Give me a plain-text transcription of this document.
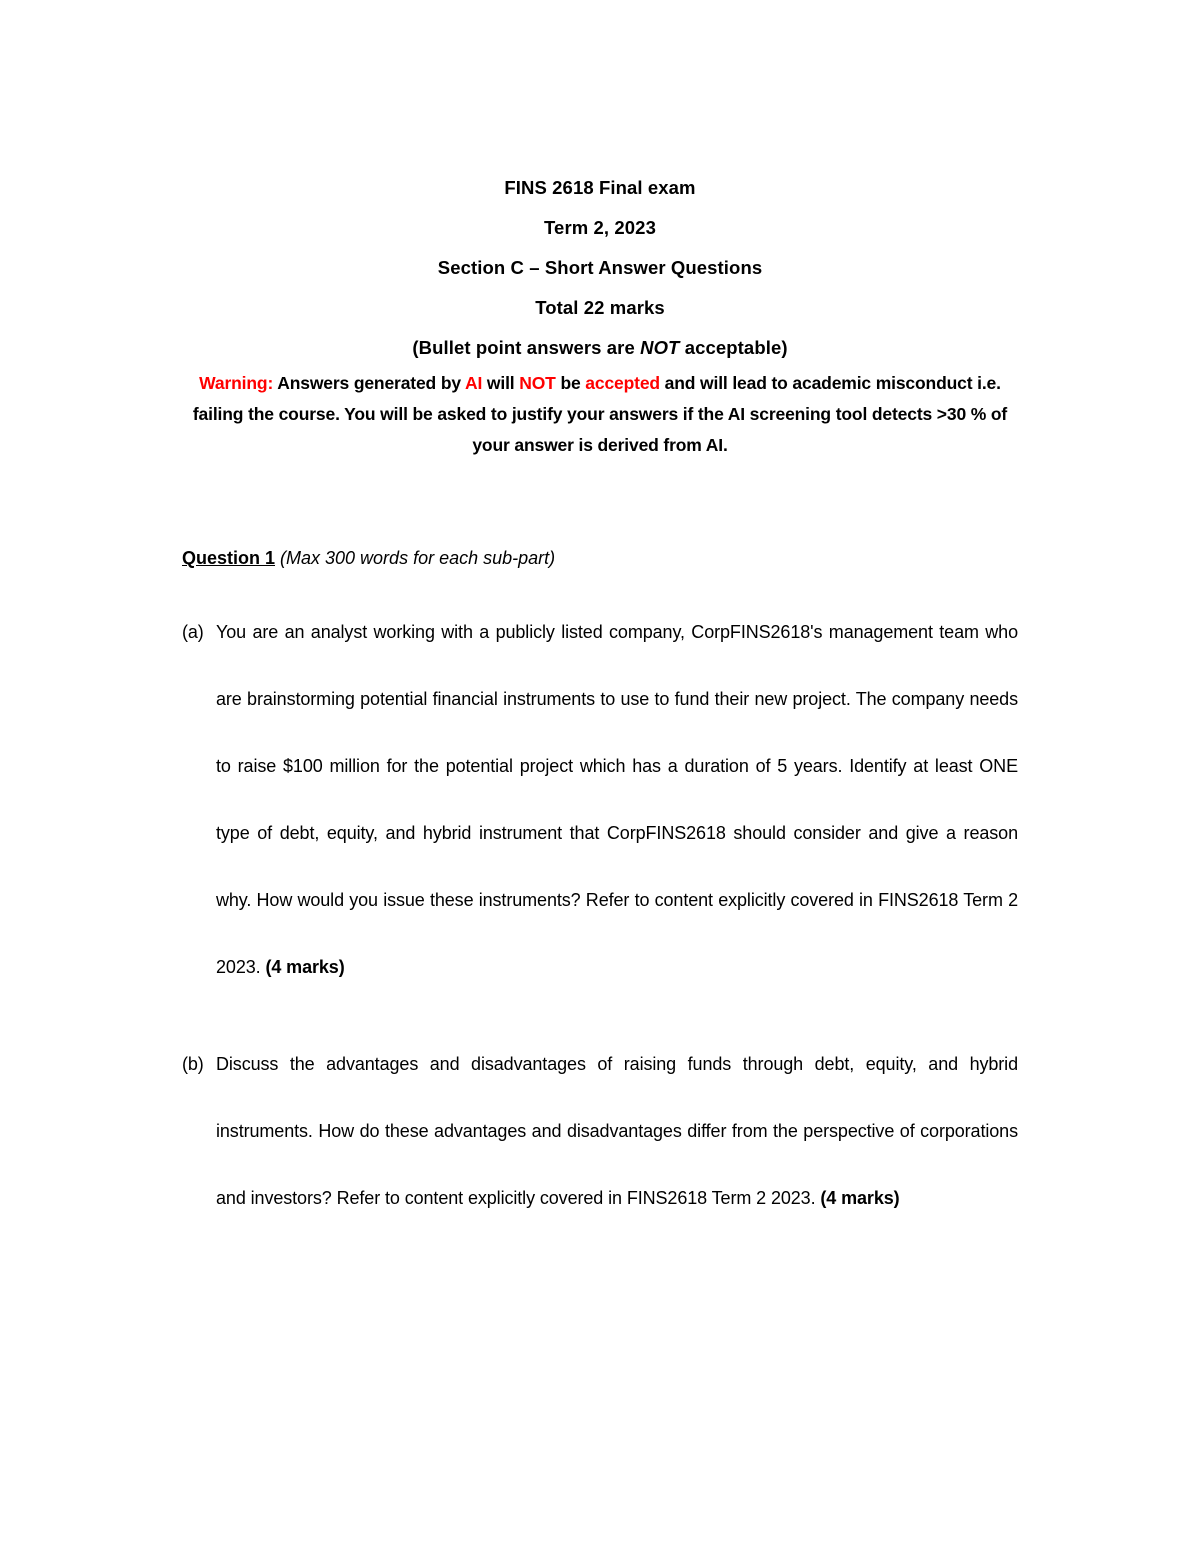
FINS 2618 Final exam
Term 2, 2023
Section C – Short Answer Questions
Total 22 marks
(Bullet point answers are NOT acceptable)
Warning: Answers generated by AI will NOT be accepted and will lead to academic misconduct i.e. failing the course. You will be asked to justify your answers if the AI screening tool detects >30 % of your answer is derived from AI.
Question 1 (Max 300 words for each sub-part)
(a) You are an analyst working with a publicly listed company, CorpFINS2618's management team who are brainstorming potential financial instruments to use to fund their new project. The company needs to raise $100 million for the potential project which has a duration of 5 years. Identify at least ONE type of debt, equity, and hybrid instrument that CorpFINS2618 should consider and give a reason why. How would you issue these instruments? Refer to content explicitly covered in FINS2618 Term 2 2023. (4 marks)
(b) Discuss the advantages and disadvantages of raising funds through debt, equity, and hybrid instruments. How do these advantages and disadvantages differ from the perspective of corporations and investors? Refer to content explicitly covered in FINS2618 Term 2 2023. (4 marks)
